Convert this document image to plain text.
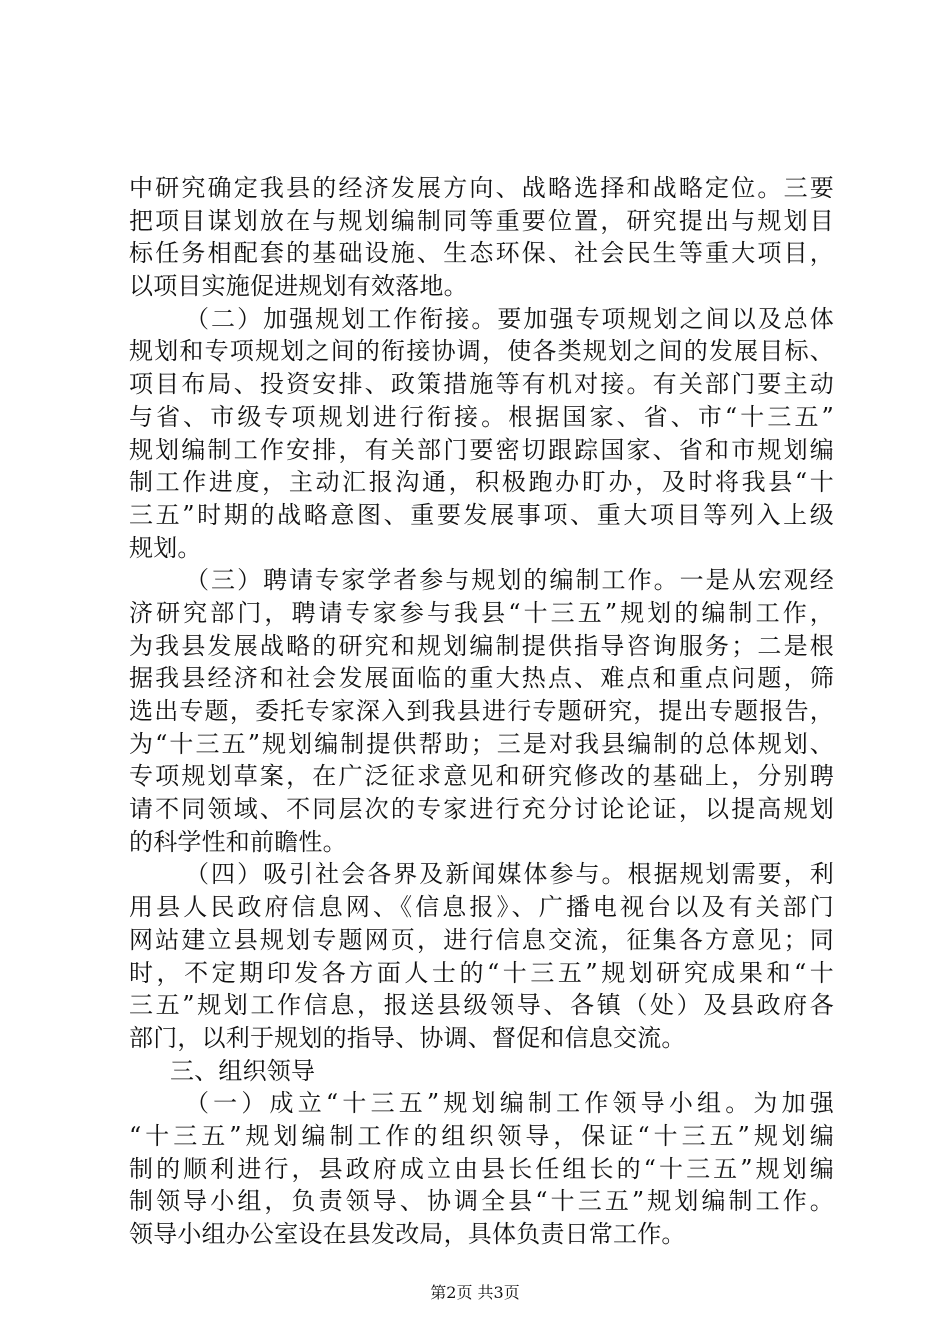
中研究确定我县的经济发展方向、战略选择和战略定位。三要
把项目谋划放在与规划编制同等重要位置，研究提出与规划目
标任务相配套的基础设施、生态环保、社会民生等重大项目，
以项目实施促进规划有效落地。
（二）加强规划工作衔接。要加强专项规划之间以及总体
规划和专项规划之间的衔接协调，使各类规划之间的发展目标、
项目布局、投资安排、政策措施等有机对接。有关部门要主动
与省、市级专项规划进行衔接。根据国家、省、市“十三五”
规划编制工作安排，有关部门要密切跟踪国家、省和市规划编
制工作进度，主动汇报沟通，积极跑办盯办，及时将我县“十
三五”时期的战略意图、重要发展事项、重大项目等列入上级
规划。
（三）聘请专家学者参与规划的编制工作。一是从宏观经
济研究部门，聘请专家参与我县“十三五”规划的编制工作，
为我县发展战略的研究和规划编制提供指导咨询服务；二是根
据我县经济和社会发展面临的重大热点、难点和重点问题，筛
选出专题，委托专家深入到我县进行专题研究，提出专题报告，
为“十三五”规划编制提供帮助；三是对我县编制的总体规划、
专项规划草案，在广泛征求意见和研究修改的基础上，分别聘
请不同领域、不同层次的专家进行充分讨论论证，以提高规划
的科学性和前瞻性。
（四）吸引社会各界及新闻媒体参与。根据规划需要，利
用县人民政府信息网、《信息报》、广播电视台以及有关部门
网站建立县规划专题网页，进行信息交流，征集各方意见；同
时，不定期印发各方面人士的“十三五”规划研究成果和“十
三五”规划工作信息，报送县级领导、各镇（处）及县政府各
部门，以利于规划的指导、协调、督促和信息交流。
三、组织领导
（一）成立“十三五”规划编制工作领导小组。为加强
“十三五”规划编制工作的组织领导，保证“十三五”规划编
制的顺利进行，县政府成立由县长任组长的“十三五”规划编
制领导小组，负责领导、协调全县“十三五”规划编制工作。
领导小组办公室设在县发改局，具体负责日常工作。
第2页 共3页
